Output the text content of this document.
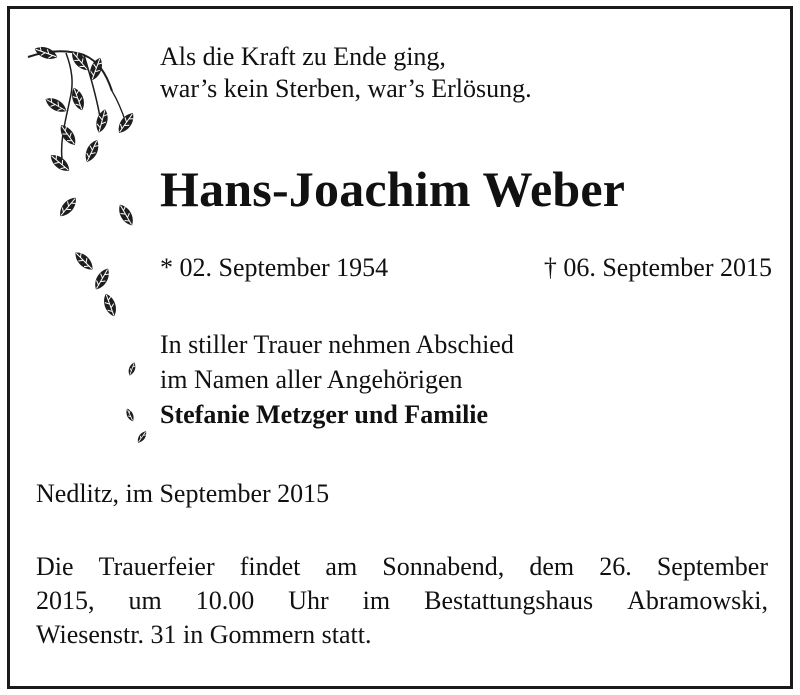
Als die Kraft zu Ende ging,
war’s kein Sterben, war’s Erlösung.
Hans-Joachim Weber
* 02. September 1954	† 06. September 2015
In stiller Trauer nehmen Abschied
im Namen aller Angehörigen
Stefanie Metzger und Familie
Nedlitz, im September 2015
Die Trauerfeier findet am Sonnabend, dem 26. September
2015, um 10.00 Uhr im Bestattungshaus Abramowski,
Wiesenstr. 31 in Gommern statt.
